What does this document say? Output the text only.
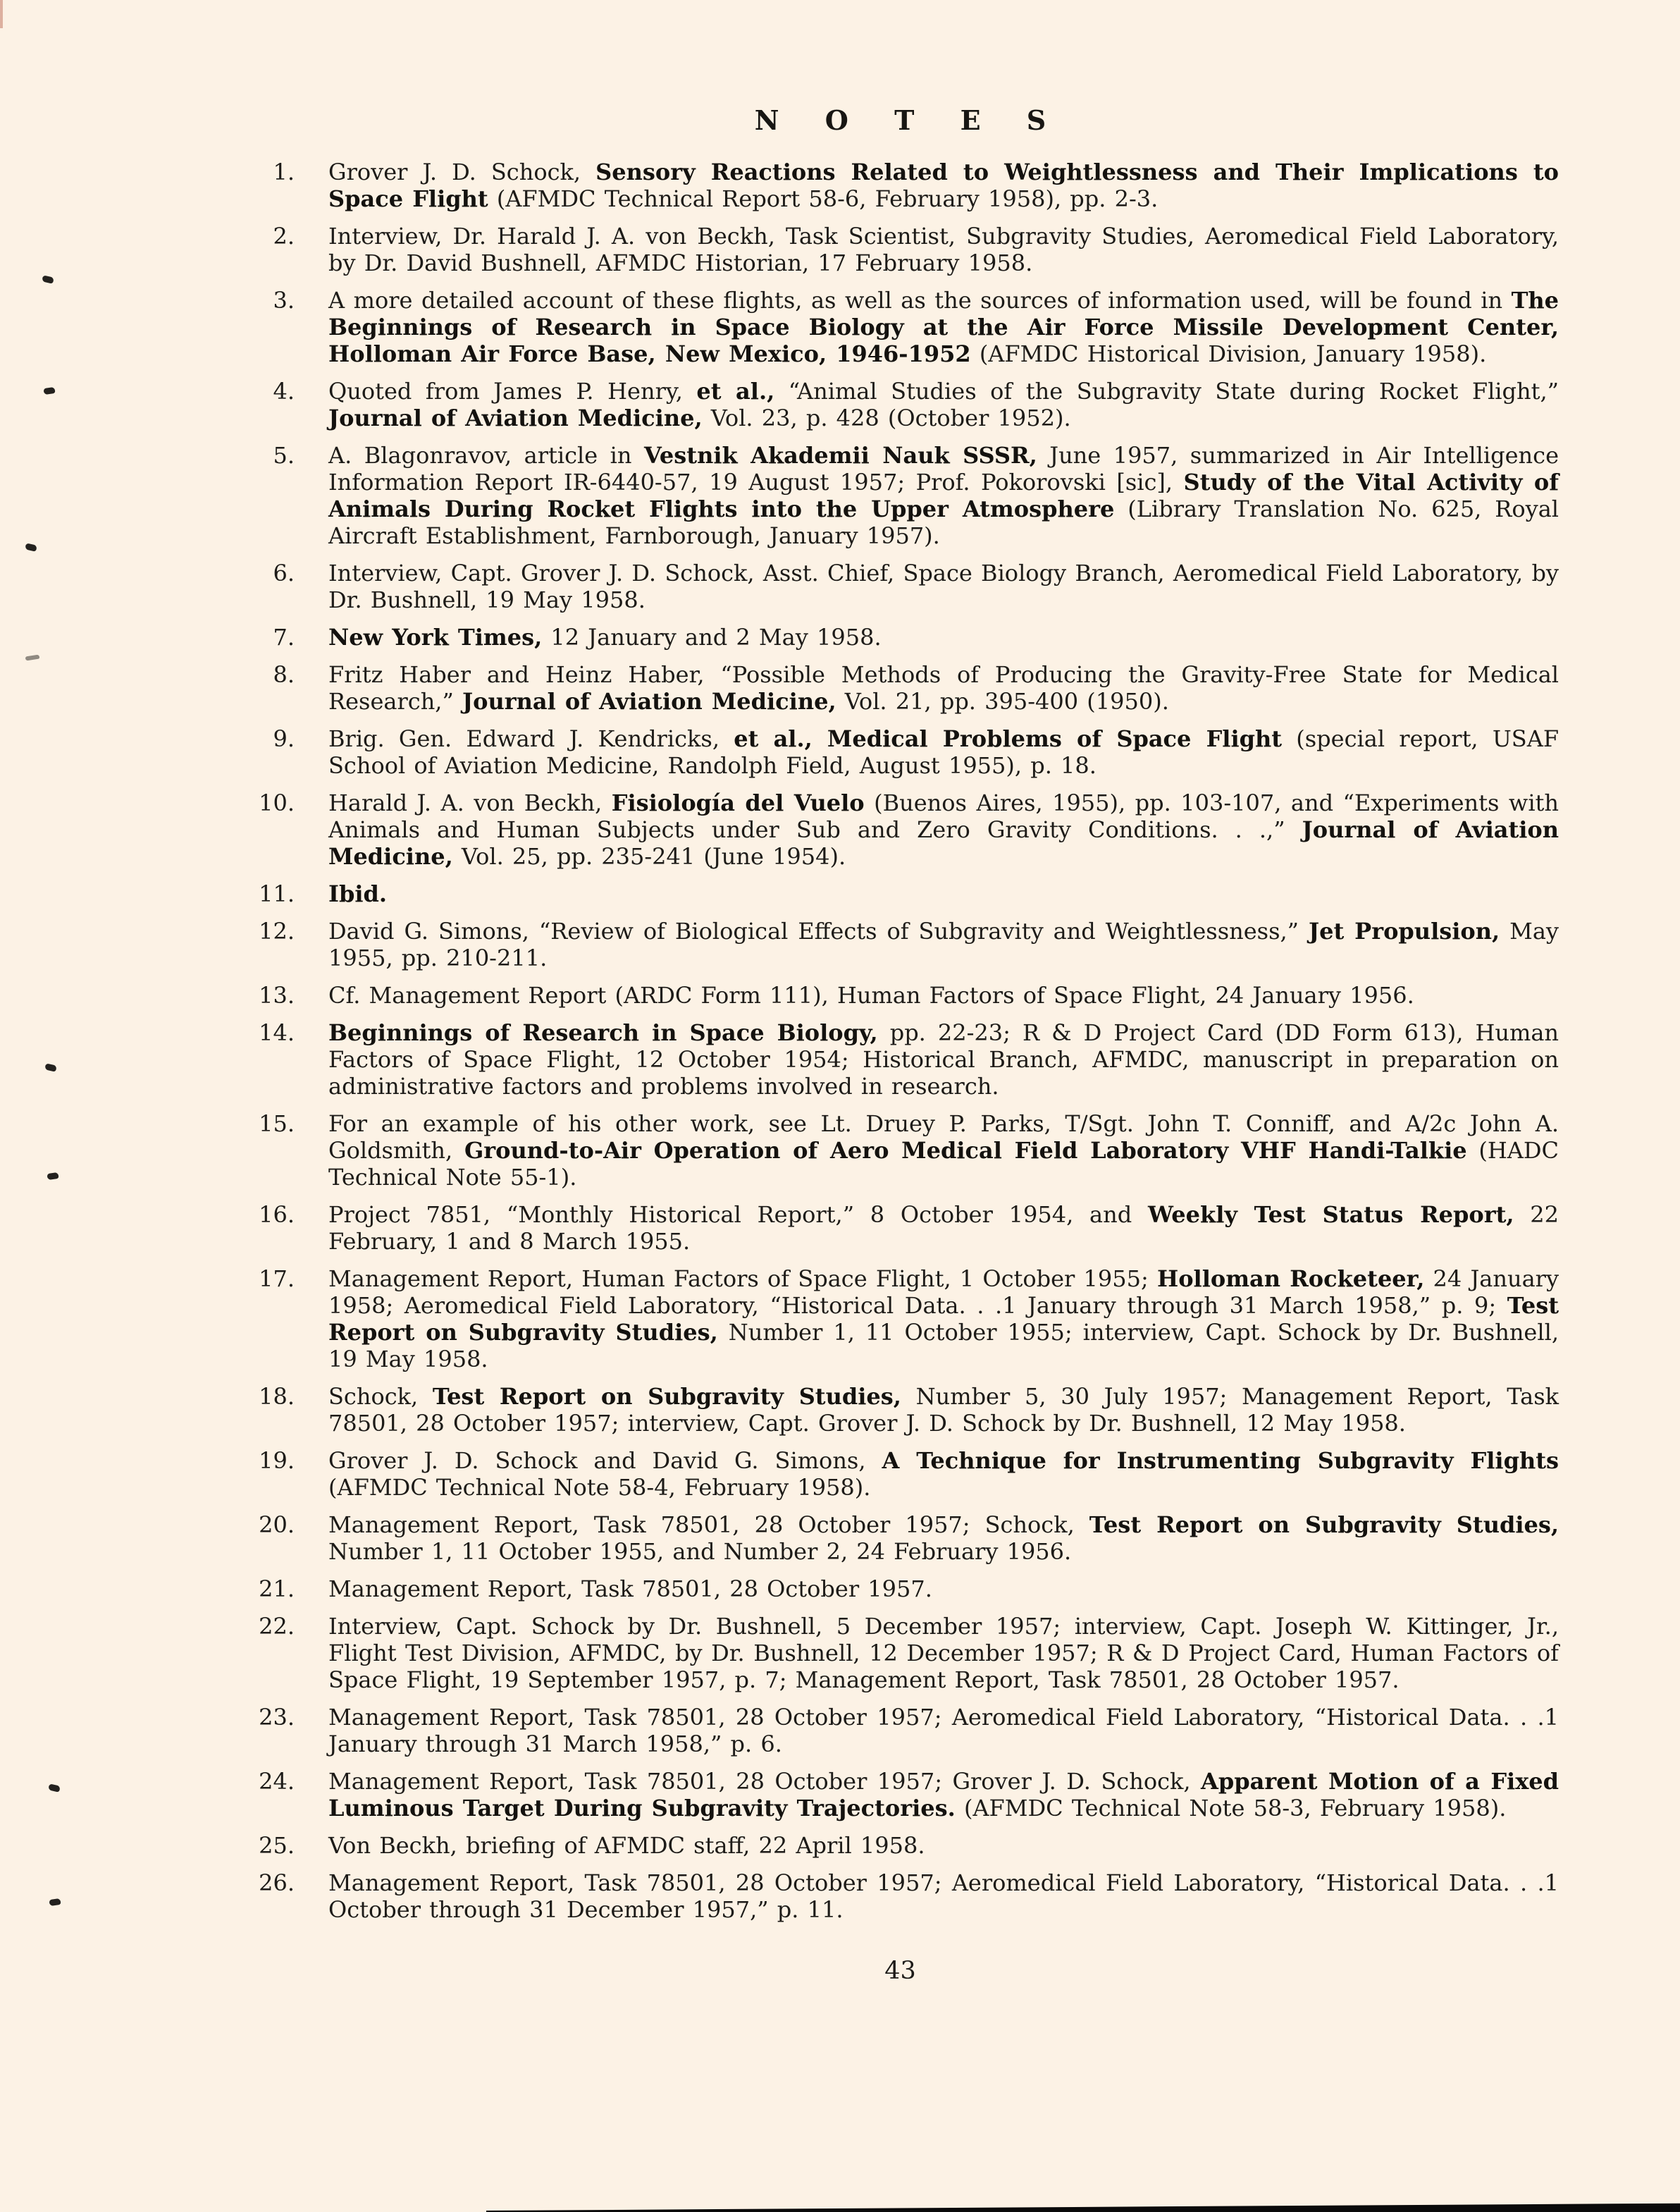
N O T E S
1. Grover J. D. Schock, Sensory Reactions Related to Weightlessness and Their Implications to Space Flight (AFMDC Technical Report 58-6, February 1958), pp. 2-3.
2. Interview, Dr. Harald J. A. von Beckh, Task Scientist, Subgravity Studies, Aeromedical Field Laboratory, by Dr. David Bushnell, AFMDC Historian, 17 February 1958.
3. A more detailed account of these flights, as well as the sources of information used, will be found in The Beginnings of Research in Space Biology at the Air Force Missile Development Center, Holloman Air Force Base, New Mexico, 1946-1952 (AFMDC Historical Division, January 1958).
4. Quoted from James P. Henry, et al., “Animal Studies of the Subgravity State during Rocket Flight,” Journal of Aviation Medicine, Vol. 23, p. 428 (October 1952).
5. A. Blagonravov, article in Vestnik Akademii Nauk SSSR, June 1957, summarized in Air Intelligence Information Report IR-6440-57, 19 August 1957; Prof. Pokorovski [sic], Study of the Vital Activity of Animals During Rocket Flights into the Upper Atmosphere (Library Translation No. 625, Royal Aircraft Establishment, Farnborough, January 1957).
6. Interview, Capt. Grover J. D. Schock, Asst. Chief, Space Biology Branch, Aeromedical Field Laboratory, by Dr. Bushnell, 19 May 1958.
7. New York Times, 12 January and 2 May 1958.
8. Fritz Haber and Heinz Haber, “Possible Methods of Producing the Gravity-Free State for Medical Research,” Journal of Aviation Medicine, Vol. 21, pp. 395-400 (1950).
9. Brig. Gen. Edward J. Kendricks, et al., Medical Problems of Space Flight (special report, USAF School of Aviation Medicine, Randolph Field, August 1955), p. 18.
10. Harald J. A. von Beckh, Fisiología del Vuelo (Buenos Aires, 1955), pp. 103-107, and “Experiments with Animals and Human Subjects under Sub and Zero Gravity Conditions. . .,” Journal of Aviation Medicine, Vol. 25, pp. 235-241 (June 1954).
11. Ibid.
12. David G. Simons, “Review of Biological Effects of Subgravity and Weightlessness,” Jet Propulsion, May 1955, pp. 210-211.
13. Cf. Management Report (ARDC Form 111), Human Factors of Space Flight, 24 January 1956.
14. Beginnings of Research in Space Biology, pp. 22-23; R & D Project Card (DD Form 613), Human Factors of Space Flight, 12 October 1954; Historical Branch, AFMDC, manuscript in preparation on administrative factors and problems involved in research.
15. For an example of his other work, see Lt. Druey P. Parks, T/Sgt. John T. Conniff, and A/2c John A. Goldsmith, Ground-to-Air Operation of Aero Medical Field Laboratory VHF Handi-Talkie (HADC Technical Note 55-1).
16. Project 7851, “Monthly Historical Report,” 8 October 1954, and Weekly Test Status Report, 22 February, 1 and 8 March 1955.
17. Management Report, Human Factors of Space Flight, 1 October 1955; Holloman Rocketeer, 24 January 1958; Aeromedical Field Laboratory, “Historical Data. . .1 January through 31 March 1958,” p. 9; Test Report on Subgravity Studies, Number 1, 11 October 1955; interview, Capt. Schock by Dr. Bushnell, 19 May 1958.
18. Schock, Test Report on Subgravity Studies, Number 5, 30 July 1957; Management Report, Task 78501, 28 October 1957; interview, Capt. Grover J. D. Schock by Dr. Bushnell, 12 May 1958.
19. Grover J. D. Schock and David G. Simons, A Technique for Instrumenting Subgravity Flights (AFMDC Technical Note 58-4, February 1958).
20. Management Report, Task 78501, 28 October 1957; Schock, Test Report on Subgravity Studies, Number 1, 11 October 1955, and Number 2, 24 February 1956.
21. Management Report, Task 78501, 28 October 1957.
22. Interview, Capt. Schock by Dr. Bushnell, 5 December 1957; interview, Capt. Joseph W. Kittinger, Jr., Flight Test Division, AFMDC, by Dr. Bushnell, 12 December 1957; R & D Project Card, Human Factors of Space Flight, 19 September 1957, p. 7; Management Report, Task 78501, 28 October 1957.
23. Management Report, Task 78501, 28 October 1957; Aeromedical Field Laboratory, “Historical Data. . .1 January through 31 March 1958,” p. 6.
24. Management Report, Task 78501, 28 October 1957; Grover J. D. Schock, Apparent Motion of a Fixed Luminous Target During Subgravity Trajectories. (AFMDC Technical Note 58-3, February 1958).
25. Von Beckh, briefing of AFMDC staff, 22 April 1958.
26. Management Report, Task 78501, 28 October 1957; Aeromedical Field Laboratory, “Historical Data. . .1 October through 31 December 1957,” p. 11.
43
